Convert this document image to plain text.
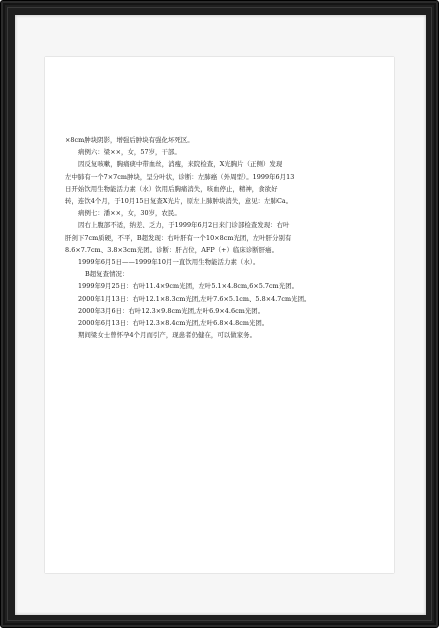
×8cm肿块阴影，增强后肿块有强化坏死区。

病例六：梁××，女，57岁，干部。

因反复咳嗽，胸痛痰中带血丝，消瘦，来院检查，X光胸片（正侧）发现

左中肺有一个7×7cm肿块，呈分叶状，诊断：左肺癌（外周型）。1999年6月13

日开始饮用生物能活力素（水）饮用后胸痛消失，咳血停止，精神，食欲好

转，连饮4个月，于10月15日复查X光片，原左上肺肿块消失，意见：左肺Ca。

病例七：潘××，女，30岁，农民。

因右上腹部不适，纳差、乏力，于1999年6月2日来门诊部检查发现：右叶

肝剑下7cm质硬，不平，B超发现：右叶肝有一个10×8cm光团，左叶肝分别有

8.6×7.7cm、3.8×3cm光团。诊断：肝占位，AFP（+）临床诊断肝癌。

1999年6月5日——1999年10月一直饮用生物能活力素（水）。

B超复查情况：

1999年9月25日：右叶11.4×9cm光团，左叶5.1×4.8cm,6×5.7cm光团。

2000年1月13日：右叶12.1×8.3cm光团,左叶7.6×5.1cm、5.8×4.7cm光团。

2000年3月6日：右叶12.3×9.8cm光团,左叶6.9×4.6cm光团。

2000年6月13日：右叶12.3×8.4cm光团,左叶6.8×4.8cm光团。

期间梁女士曾怀孕4个月而引产，现患者仍健在，可以做家务。
